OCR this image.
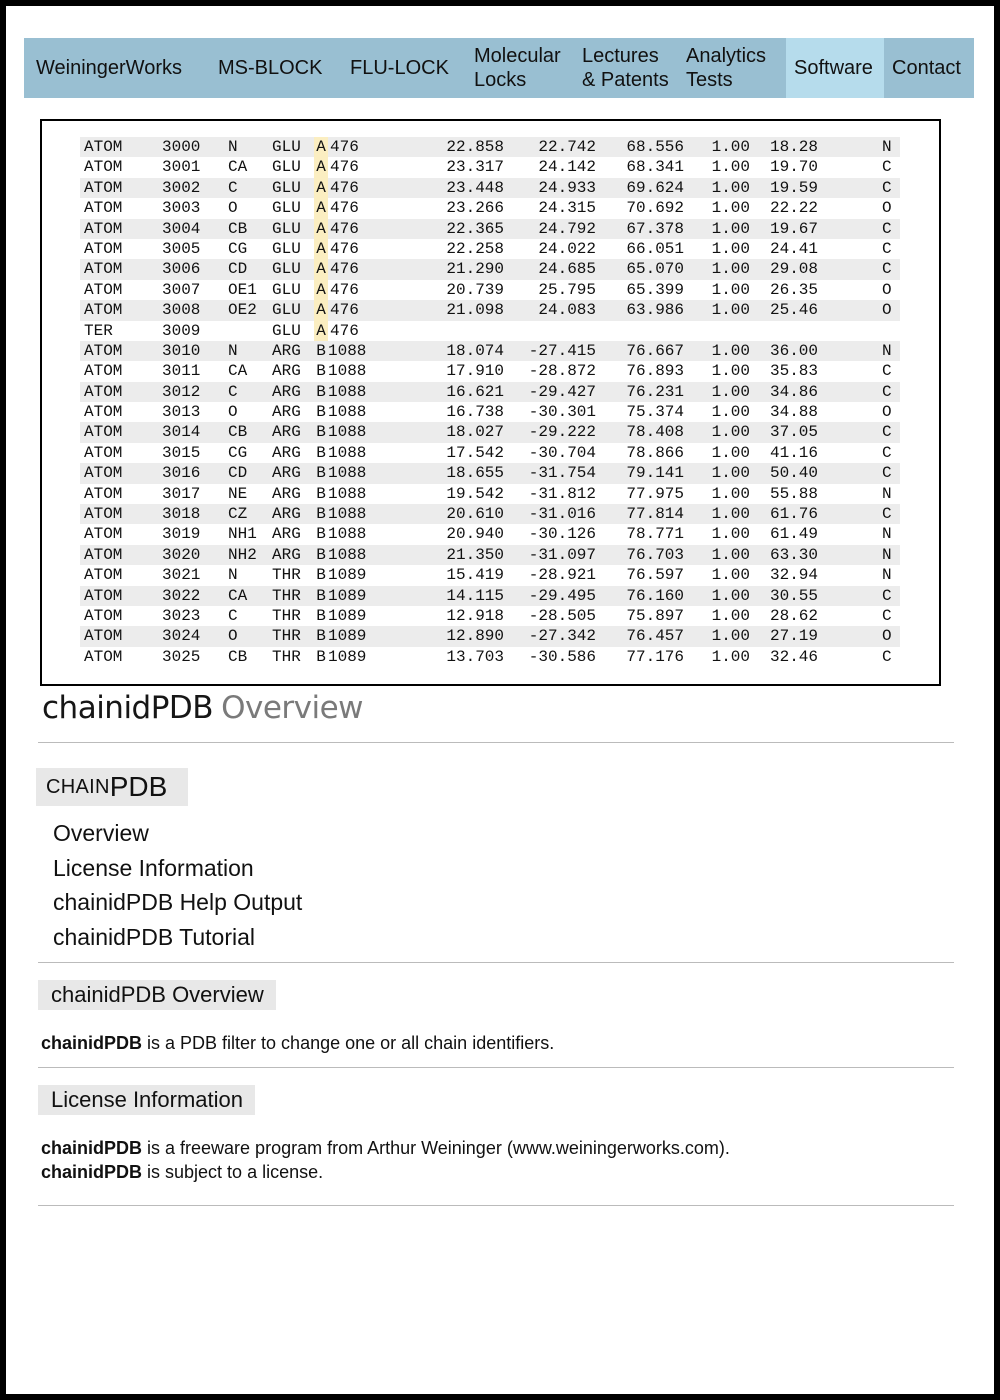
WeiningerWorks	MS-BLOCK	FLU-LOCK
Molecular
Locks
Lectures
& Patents
Analytics
Tests
Software Contact
ATOM 3000 N GLU A 476	22.858	22.742	68.556	1.00	18.28	N
ATOM 3001 CA GLU A 476	23.317	24.142	68.341	1.00	19.70	C
ATOM 3002 C GLU A 476	23.448	24.933	69.624	1.00	19.59	C
ATOM 3003 O GLU A 476	23.266	24.315	70.692	1.00	22.22	O
ATOM 3004 CB GLU A 476	22.365	24.792	67.378	1.00	19.67	C
ATOM 3005 CG GLU A 476	22.258	24.022	66.051	1.00	24.41	C
ATOM 3006 CD GLU A 476	21.290	24.685	65.070	1.00	29.08	C
ATOM 3007 OE1 GLU A 476	20.739	25.795	65.399	1.00	26.35	O
ATOM 3008 OE2 GLU A 476	21.098	24.083	63.986	1.00	25.46	O
TER	3009	GLU A 476
ATOM 3010 N ARG B 1088	18.074	-27.415	76.667	1.00	36.00	N
ATOM 3011 CA ARG B 1088	17.910	-28.872	76.893	1.00	35.83	C
ATOM 3012 C ARG B 1088	16.621	-29.427	76.231	1.00	34.86	C
ATOM 3013 O ARG B 1088	16.738	-30.301	75.374	1.00	34.88	O
ATOM 3014 CB ARG B 1088	18.027	-29.222	78.408	1.00	37.05	C
ATOM 3015 CG ARG B 1088	17.542	-30.704	78.866	1.00	41.16	C
ATOM 3016 CD ARG B 1088	18.655	-31.754	79.141	1.00	50.40	C
ATOM 3017 NE ARG B 1088	19.542	-31.812	77.975	1.00	55.88	N
ATOM 3018 CZ ARG B 1088	20.610	-31.016	77.814	1.00	61.76	C
ATOM 3019 NH1 ARG B 1088	20.940	-30.126	78.771	1.00	61.49	N
ATOM 3020 NH2 ARG B 1088	21.350	-31.097	76.703	1.00	63.30	N
ATOM 3021 N THR B 1089	15.419	-28.921	76.597	1.00	32.94	N
ATOM 3022 CA THR B 1089	14.115	-29.495	76.160	1.00	30.55	C
ATOM 3023 C THR B 1089	12.918	-28.505	75.897	1.00	28.62	C
ATOM 3024 O THR B 1089	12.890	-27.342	76.457	1.00	27.19	O
ATOM 3025 CB THR B 1089	13.703	-30.586	77.176	1.00	32.46	C
chainidPDB Overview
CHAIN PDB
Overview
License Information
chainidPDB Help Output
chainidPDB Tutorial
chainidPDB Overview
chainidPDB is a PDB filter to change one or all chain identifiers.
License Information
chainidPDB is a freeware program from Arthur Weininger (www.weiningerworks.com).
chainidPDB is subject to a license.
